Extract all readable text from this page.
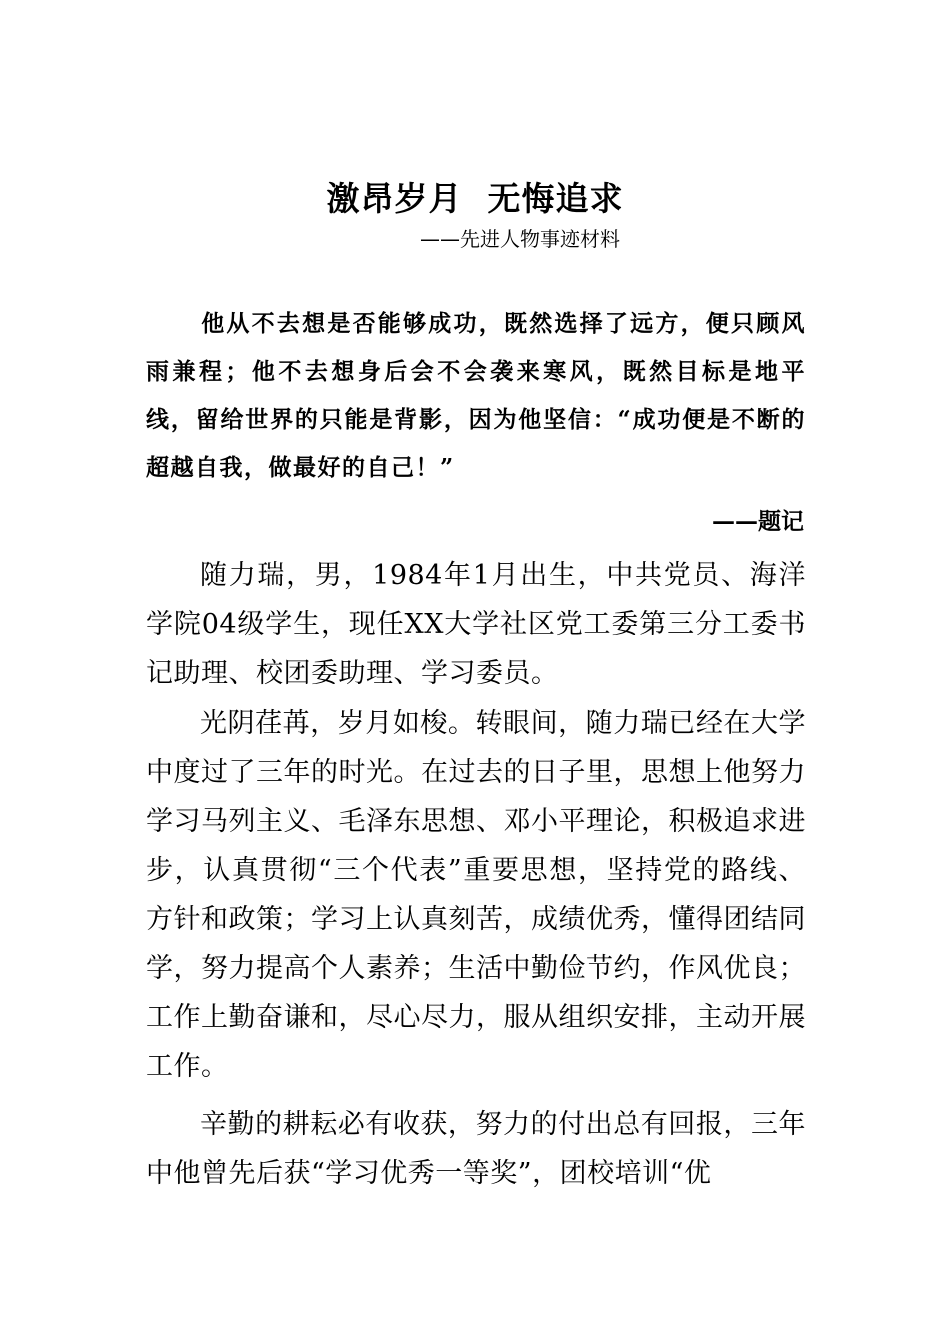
激昂岁月  无悔追求
——先进人物事迹材料

他从不去想是否能够成功，既然选择了远方，便只顾风雨兼程；他不去想身后会不会袭来寒风，既然目标是地平线，留给世界的只能是背影，因为他坚信：“成功便是不断的超越自我，做最好的自己！”

——题记

随力瑞，男，1984年1月出生，中共党员、海洋学院04级学生，现任XX大学社区党工委第三分工委书记助理、校团委助理、学习委员。

光阴荏苒，岁月如梭。转眼间，随力瑞已经在大学中度过了三年的时光。在过去的日子里，思想上他努力学习马列主义、毛泽东思想、邓小平理论，积极追求进步，认真贯彻“三个代表”重要思想，坚持党的路线、方针和政策；学习上认真刻苦，成绩优秀，懂得团结同学，努力提高个人素养；生活中勤俭节约，作风优良；工作上勤奋谦和，尽心尽力，服从组织安排，主动开展工作。

辛勤的耕耘必有收获，努力的付出总有回报，三年中他曾先后获“学习优秀一等奖”，团校培训“优
